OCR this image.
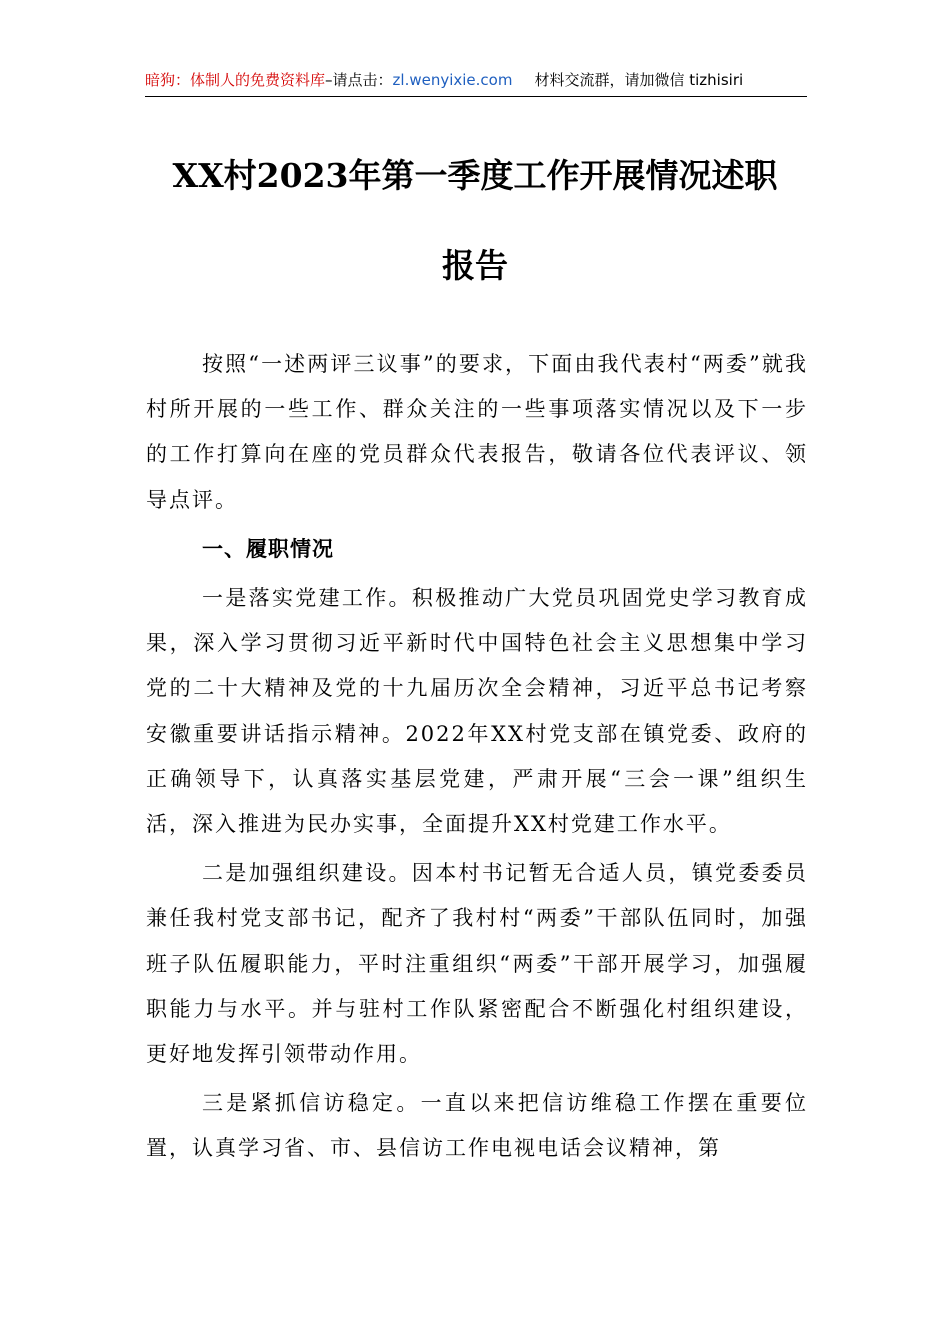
暗狗：体制人的免费资料库–请点击：zl.wenyixie.com 材料交流群，请加微信 tizhisiri
XX村2023年第一季度工作开展情况述职
报告

按照“一述两评三议事”的要求，下面由我代表村“两委”就我村所开展的一些工作、群众关注的一些事项落实情况以及下一步的工作打算向在座的党员群众代表报告，敬请各位代表评议、领导点评。

一、履职情况

一是落实党建工作。积极推动广大党员巩固党史学习教育成果，深入学习贯彻习近平新时代中国特色社会主义思想集中学习党的二十大精神及党的十九届历次全会精神，习近平总书记考察安徽重要讲话指示精神。2022年XX村党支部在镇党委、政府的正确领导下，认真落实基层党建，严肃开展“三会一课”组织生活，深入推进为民办实事，全面提升XX村党建工作水平。

二是加强组织建设。因本村书记暂无合适人员，镇党委委员兼任我村党支部书记，配齐了我村村“两委”干部队伍同时，加强班子队伍履职能力，平时注重组织“两委”干部开展学习，加强履职能力与水平。并与驻村工作队紧密配合不断强化村组织建设，更好地发挥引领带动作用。

三是紧抓信访稳定。一直以来把信访维稳工作摆在重要位置，认真学习省、市、县信访工作电视电话会议精神，第
